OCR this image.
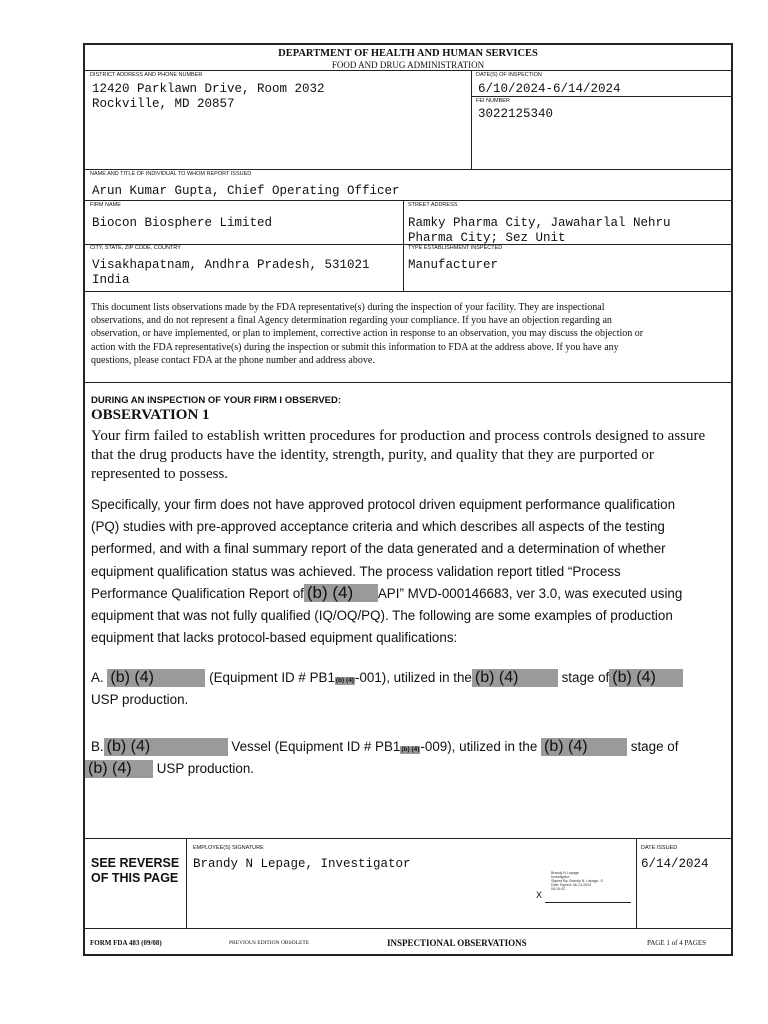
DEPARTMENT OF HEALTH AND HUMAN SERVICES
FOOD AND DRUG ADMINISTRATION
DISTRICT ADDRESS AND PHONE NUMBER
12420 Parklawn Drive, Room 2032
Rockville, MD 20857
DATE(S) OF INSPECTION
6/10/2024-6/14/2024
FEI NUMBER
3022125340
NAME AND TITLE OF INDIVIDUAL TO WHOM REPORT ISSUED
Arun Kumar Gupta, Chief Operating Officer
FIRM NAME
Biocon Biosphere Limited
STREET ADDRESS
Ramky Pharma City, Jawaharlal Nehru
Pharma City; Sez Unit
CITY, STATE, ZIP CODE, COUNTRY
Visakhapatnam, Andhra Pradesh, 531021
India
TYPE ESTABLISHMENT INSPECTED
Manufacturer
This document lists observations made by the FDA representative(s) during the inspection of your facility. They are inspectional
observations, and do not represent a final Agency determination regarding your compliance. If you have an objection regarding an
observation, or have implemented, or plan to implement, corrective action in response to an observation, you may discuss the objection or
action with the FDA representative(s) during the inspection or submit this information to FDA at the address above. If you have any
questions, please contact FDA at the phone number and address above.
DURING AN INSPECTION OF YOUR FIRM I OBSERVED:
OBSERVATION 1
Your firm failed to establish written procedures for production and process controls designed to assure
that the drug products have the identity, strength, purity, and quality that they are purported or
represented to possess.
Specifically, your firm does not have approved protocol driven equipment performance qualification
(PQ) studies with pre-approved acceptance criteria and which describes all aspects of the testing
performed, and with a final summary report of the data generated and a determination of whether
equipment qualification status was achieved. The process validation report titled “Process
Performance Qualification Report of (b) (4) API” MVD-000146683, ver 3.0, was executed using
equipment that was not fully qualified (IQ/OQ/PQ). The following are some examples of production
equipment that lacks protocol-based equipment qualifications:
A. (b) (4)	(Equipment ID # PB1(b) (4)-001), utilized in the (b) (4)	stage of (b) (4)
USP production.
B. (b) (4)	Vessel (Equipment ID # PB1(b) (4)-009), utilized in the (b) (4)	stage of
(b) (4) USP production.
SEE REVERSE
OF THIS PAGE
EMPLOYEE(S) SIGNATURE
Brandy N Lepage, Investigator
Brandy N Lepage
Investigator
Signed By: Brandy N. Lepage -S
Date Signed: 06-14-2024
08:15:42
X
DATE ISSUED
6/14/2024
FORM FDA 483 (09/08)	PREVIOUS EDITION OBSOLETE	INSPECTIONAL OBSERVATIONS	PAGE 1 of 4 PAGES
